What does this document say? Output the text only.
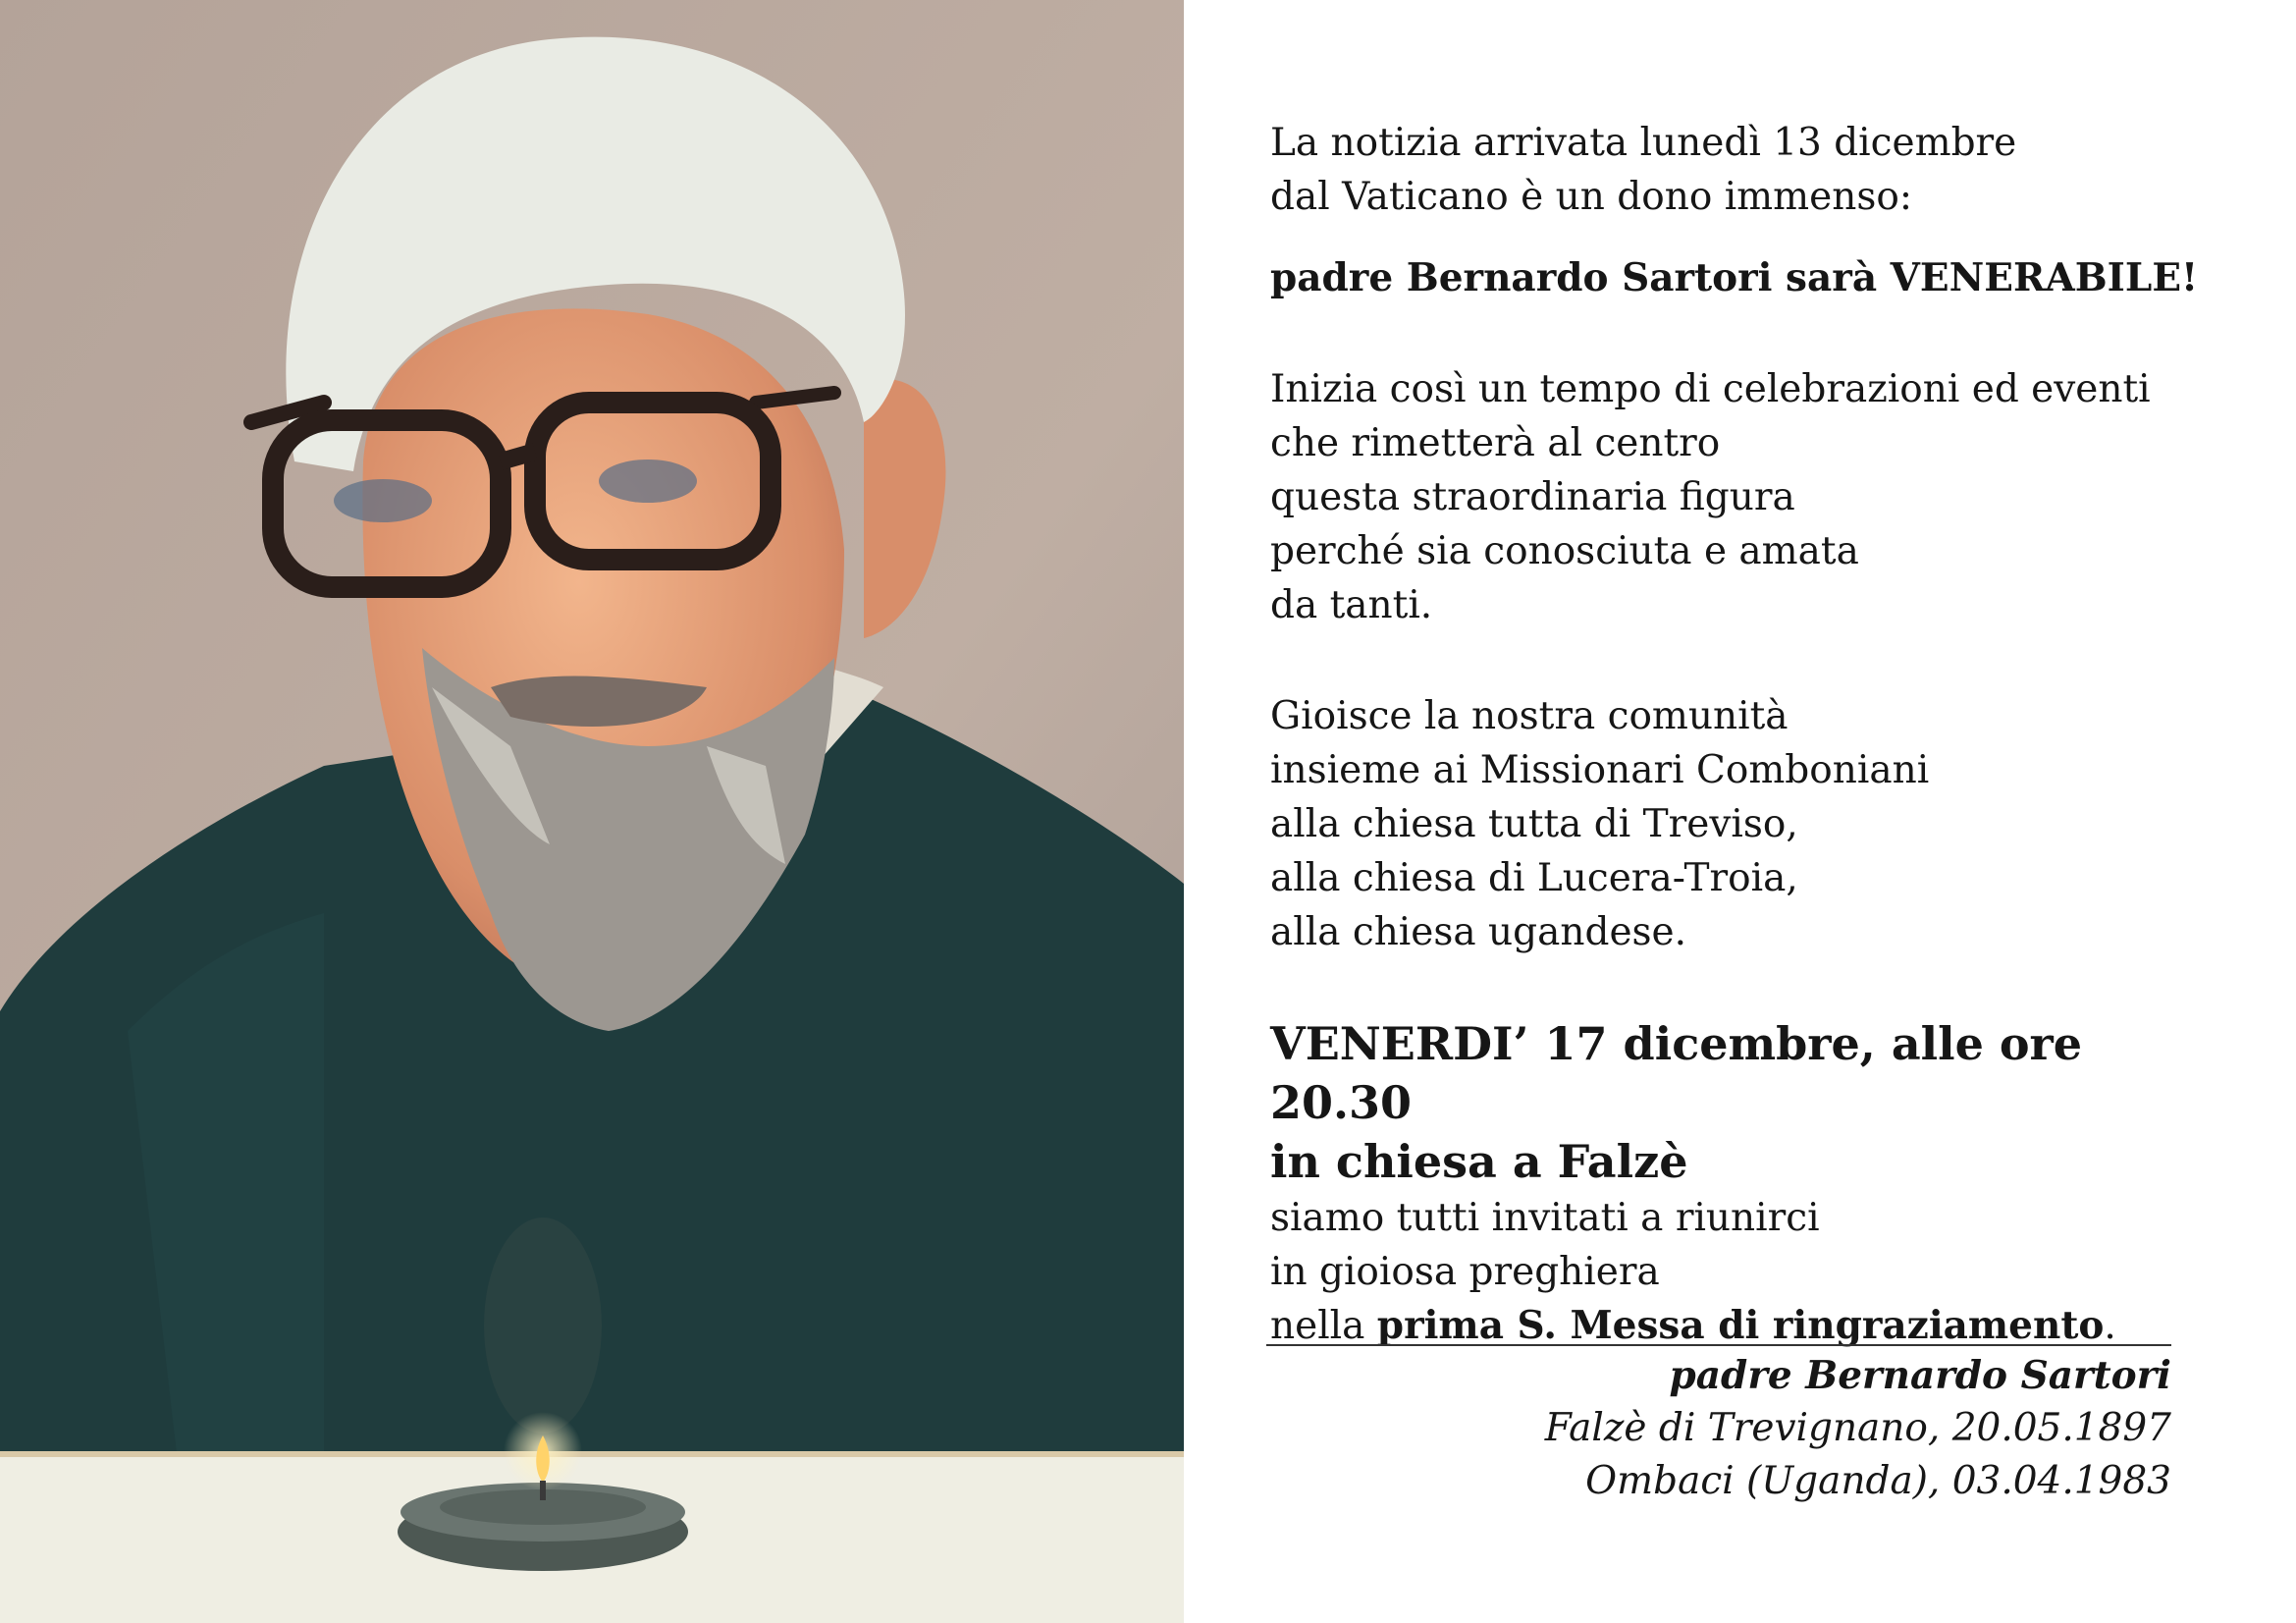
La notizia arrivata lunedì 13 dicembre
dal Vaticano è un dono immenso:

padre Bernardo Sartori sarà VENERABILE!

Inizia così un tempo di celebrazioni ed eventi
che rimetterà al centro
questa straordinaria figura
perché sia conosciuta e amata
da tanti.

Gioisce la nostra comunità
insieme ai Missionari Comboniani
alla chiesa tutta di Treviso,
alla chiesa di Lucera-Troia,
alla chiesa ugandese.

VENERDI’ 17 dicembre, alle ore 20.30

in chiesa a Falzè

siamo tutti invitati a riunirci
in gioiosa preghiera
nella prima S. Messa di ringraziamento.

padre Bernardo Sartori
Falzè di Trevignano, 20.05.1897
Ombaci (Uganda), 03.04.1983
